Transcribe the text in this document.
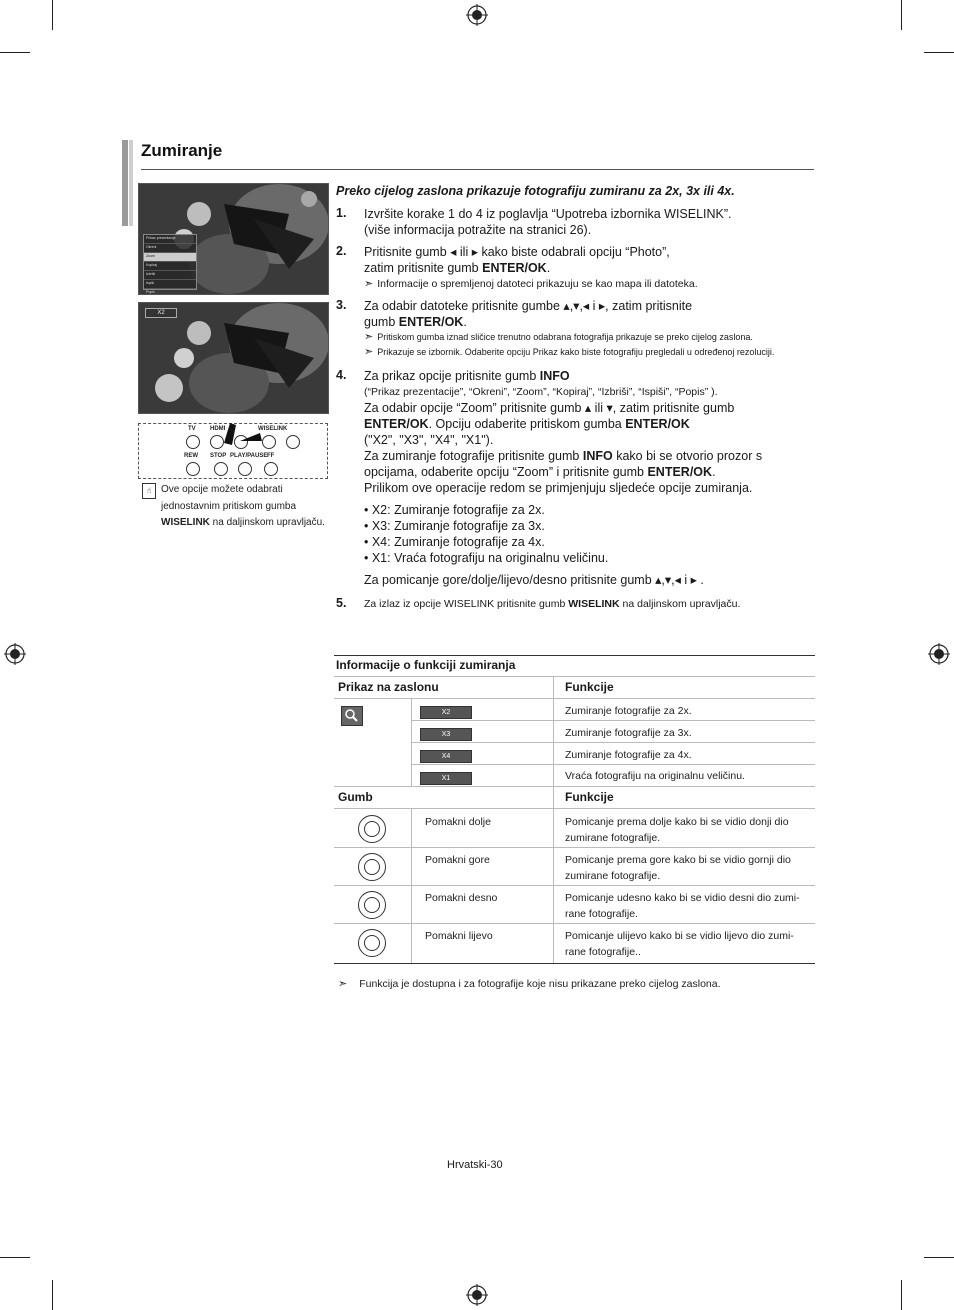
Zumiranje
Prikaz prezentacije
Okreni
Zoom
Kopiraj
Izbriši
Ispiši
Popis
X2
TV HDMI	WISELINK
REW STOP PLAY/PAUSE FF
☝ Ove opcije možete odabrati
jednostavnim pritiskom gumba
WISELINK na daljinskom upravljaču.
Preko cijelog zaslona prikazuje fotografiju zumiranu za 2x, 3x ili 4x.
1. Izvršite korake 1 do 4 iz poglavlja “Upotreba izbornika WISELINK”.
(više informacija potražite na stranici 26).
2. Pritisnite gumb ◂ ili ▸ kako biste odabrali opciju “Photo”,
zatim pritisnite gumb ENTER/OK.
➣ Informacije o spremljenoj datoteci prikazuju se kao mapa ili datoteka.
3. Za odabir datoteke pritisnite gumbe ▴,▾,◂ i ▸, zatim pritisnite
gumb ENTER/OK.
➣ Pritiskom gumba iznad sličice trenutno odabrana fotografija prikazuje se preko cijelog zaslona.
➣ Prikazuje se izbornik. Odaberite opciju Prikaz kako biste fotografiju pregledali u određenoj rezoluciji.
4. Za prikaz opcije pritisnite gumb INFO
(“Prikaz prezentacije”, “Okreni”, “Zoom”, “Kopiraj”, “Izbriši”, “Ispiši”, “Popis” ).
Za odabir opcije “Zoom” pritisnite gumb ▴ ili ▾, zatim pritisnite gumb
ENTER/OK. Opciju odaberite pritiskom gumba ENTER/OK
("X2", "X3", "X4", "X1").
Za zumiranje fotografije pritisnite gumb INFO kako bi se otvorio prozor s
opcijama, odaberite opciju “Zoom” i pritisnite gumb ENTER/OK.
Prilikom ove operacije redom se primjenjuju sljedeće opcije zumiranja.
• X2: Zumiranje fotografije za 2x.
• X3: Zumiranje fotografije za 3x.
• X4: Zumiranje fotografije za 4x.
• X1: Vraća fotografiju na originalnu veličinu.
Za pomicanje gore/dolje/lijevo/desno pritisnite gumb ▴,▾,◂ i ▸ .
5. Za izlaz iz opcije WISELINK pritisnite gumb WISELINK na daljinskom upravljaču.
Informacije o funkciji zumiranja
Prikaz na zaslonu	Funkcije
X2	Zumiranje fotografije za 2x.
X3	Zumiranje fotografije za 3x.
X4	Zumiranje fotografije za 4x.
X1	Vraća fotografiju na originalnu veličinu.
Gumb	Funkcije
Pomakni dolje	Pomicanje prema dolje kako bi se vidio donji dio
zumirane fotografije.
Pomakni gore	Pomicanje prema gore kako bi se vidio gornji dio
zumirane fotografije.
Pomakni desno	Pomicanje udesno kako bi se vidio desni dio zumi-
rane fotografije.
Pomakni lijevo	Pomicanje ulijevo kako bi se vidio lijevo dio zumi-
rane fotografije..
➣ Funkcija je dostupna i za fotografije koje nisu prikazane preko cijelog zaslona.
Hrvatski-30
